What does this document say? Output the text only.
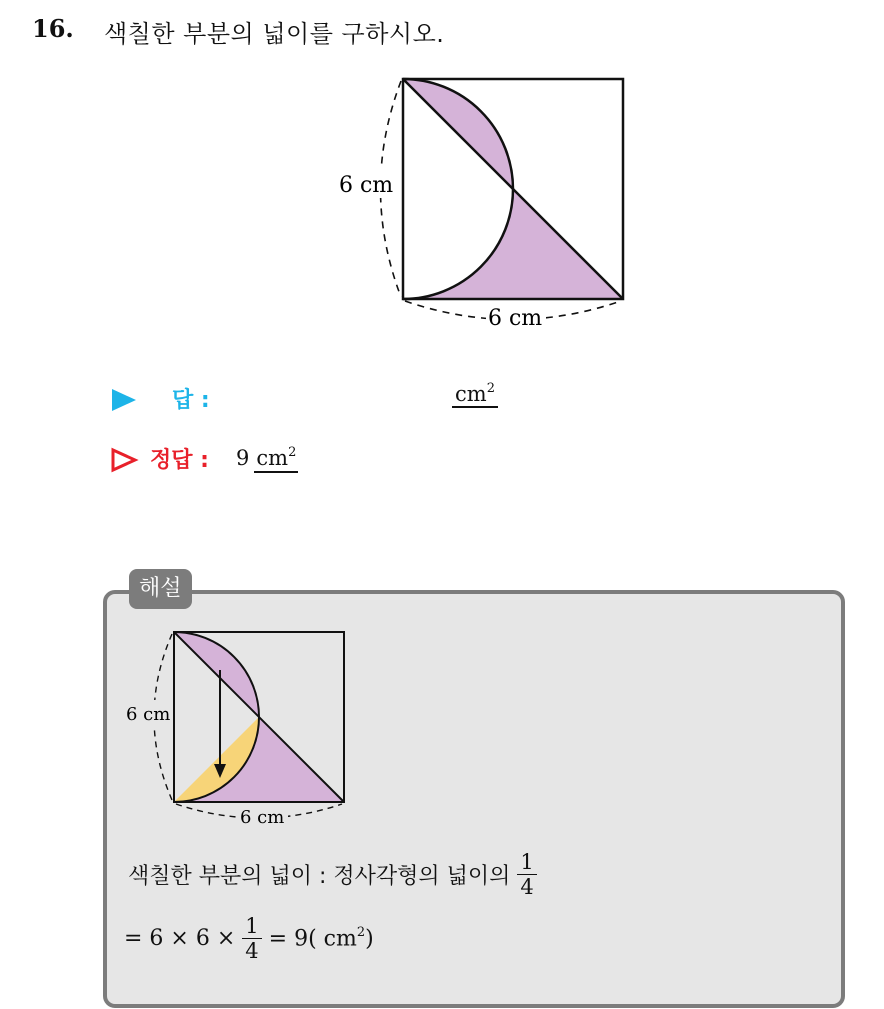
16. 색칠한 부분의 넓이를 구하시오.
6 cm
6 cm
답 :	$cm^2$
정답 : 9 $cm^2$
해설
6 cm
6 cm
색칠한 부분의 넓이 : 정사각형의 넓이의 $\frac{1}{4}$
= $6 \times 6 \times \frac{1}{4} = 9$( $cm^2$)
